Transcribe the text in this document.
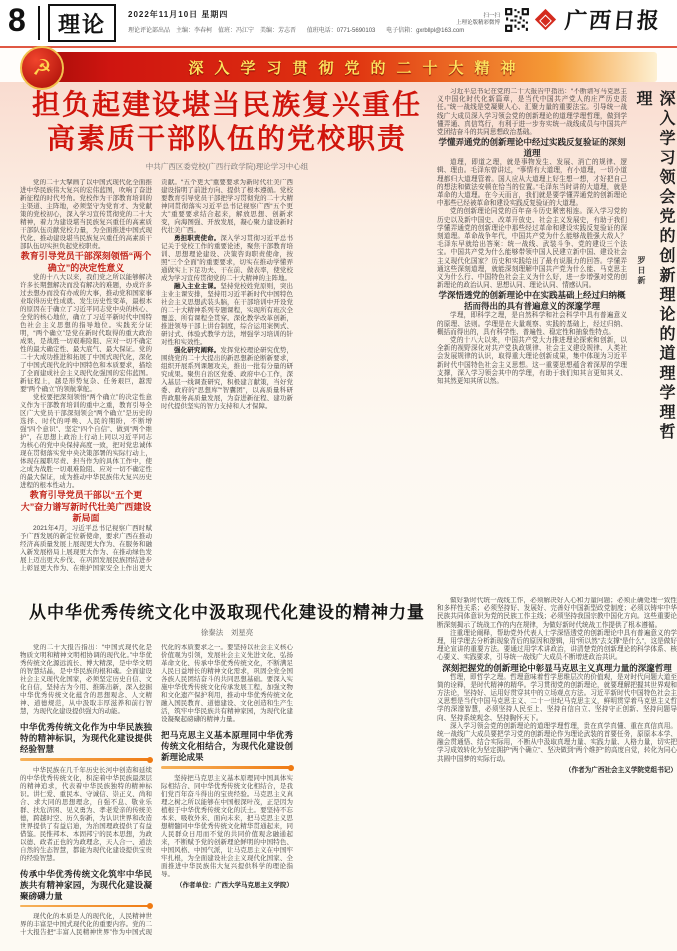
8	理论	2022年11月10日 星期四
理论评论部出品　主编：李春柯　值班：冯江宁　美编：芳志晋 值班电话：0771-5690103 电子信箱：gxrbllpl@163.com
扫一扫
上理论版精彩微博	广西日报
☭	深入学习贯彻党的二十大精神
担负起建设堪当民族复兴重任
高素质干部队伍的党校职责
中共广西区委党校(广西行政学院)理论学习中心组

党的二十大擘画了以中国式现代化全面推进中华民族伟大复兴的宏伟蓝图，吹响了奋进新征程的时代号角。党校作为干部教育培训的主渠道、主阵地，必须坚守为党育才、为党献策的党校初心，深入学习宣传贯彻党的二十大精神，着力为建设堪当民族复兴重任的高素质干部队伍贡献党校力量，为全面推进中国式现代化、推动建设堪当民族复兴重任的高素质干部队伍切实担负起党校职责。

教育引导党员干部深刻领悟“两个确立”的决定性意义

党的十八大以来，我们党之所以能够解决许多长期想解决而没有解决的难题，办成许多过去想办而没有办成的大事，推动党和国家事业取得历史性成就、发生历史性变革，最根本的原因在于确立了习近平同志党中央的核心、全党的核心地位，确立了习近平新时代中国特色社会主义思想的指导地位。实践充分证明，“两个确立”是党在新时代取得的重大政治成果，是战胜一切艰难险阻、应对一切不确定性的最大确定性、最大底气、最大保证。党的二十大成功推进和拓展了中国式现代化，深化了中国式现代化的中国特色和本质要求，描绘了全面建成社会主义现代化强国的宏伟蓝图。新征程上，越是形势复杂、任务艰巨，越需要“两个确立”的领航掌舵。

党校要把深刻领悟“两个确立”的决定性意义作为干部教育培训的重中之重，教育引导全区广大党员干部深刻领会“两个确立”是历史的选择、时代的呼唤、人民的期盼，不断增强“四个意识”、坚定“四个自信”、做到“两个维护”，在思想上政治上行动上同以习近平同志为核心的党中央保持高度一致，把对党忠诚体现在贯彻落实党中央决策部署的实际行动上，体现在履职尽责、担当作为的具体工作中，使之成为战胜一切艰难险阻、应对一切不确定性的最大保证，成为推动中华民族伟大复兴历史进程的根本性动力。

教育引导党员干部以“五个更大”奋力谱写新时代壮美广西建设新局面

2021年4月，习近平总书记视察广西时赋予广西发展的新定位新使命，要求广西在推动经济高质量发展上展现更大作为、在服务和融入新发展格局上展现更大作为、在推动绿色发展上迈出更大步伐、在巩固发展民族团结进步上彰显更大作为、在维护国家安全上作出更大贡献。“五个更大”重要要求为新时代壮美广西建设指明了前进方向、提供了根本遵循。党校要教育引导党员干部把学习贯彻党的二十大精神同贯彻落实习近平总书记视察广西“五个更大”重要要求结合起来，解放思想、创新求变，向海图强、开放发展，凝心聚力建设新时代壮美广西。

勇担职责使命。深入学习贯彻习近平总书记关于党校工作的重要论述，聚焦干部教育培训、思想理论建设、决策咨询职责使命，按照“三个全面”的重要要求，切实在推动学懂弄通做实上下足功夫、干在前、做表率，使党校成为学习宣传贯彻党的二十大精神的主阵地。

融入主业主课。坚持党校姓党原则，突出主业主课安排，坚持用习近平新时代中国特色社会主义思想武装头脑，在干部培训中开设党的二十大精神系列专题课程，实现所有班次全覆盖、所有课程全贯穿。深化教学改革创新，推进领导干部上讲台制度，综合运用案例式、研讨式、体验式教学方法，增强学习培训的针对性和实效性。

强化研究阐释。发挥党校理论研究优势，围绕党的二十大提出的新思想新论断新要求，组织开展系列课题攻关，推出一批有分量的研究成果。聚焦自治区党委、政府中心工作，深入基层一线调查研究，积极建言献策，当好党委、政府的“思想库”“智囊团”，以高质量科研咨政服务高质量发展，为奋进新征程、建功新时代提供坚实的智力支持和人才保障。	深入学习领会党的创新理论的道理学理哲理
罗日新

习近平总书记在党的二十大报告中指出：“不断谱写马克思主义中国化时代化新篇章，是当代中国共产党人的庄严历史责任。”统一战线是党凝聚人心、汇聚力量的重要法宝。引导统一战线广大成员深入学习领会党的创新理论的道理学理哲理，做到学懂弄通、真信笃行，有利于进一步夯实统一战线成员与中国共产党团结奋斗的共同思想政治基础。

学懂弄通党的创新理论中经过实践反复验证的深刻道理

道理，即道之理，就是事物发生、发展、消亡的规律、逻辑、理由。毛泽东曾讲过，“事情有大道理，有小道理，一切小道理都归大道理管着。国人应从大道理上好生想一想，才好把自己的想法和做法安顿在恰当的位置。”毛泽东当时讲的大道理，就是革命的大道理。在今天而言，我们就是要学懂弄通党的创新理论中那些已经被革命和建设实践反复验证的大道理。

党的创新理论同党的百年奋斗历史紧密相连。深入学习党的历史以及新中国史、改革开放史、社会主义发展史，有助于我们学懂弄通党的创新理论中那些经过革命和建设实践反复验证的深刻道理。革命战争年代，中国共产党为什么能够战胜强大敌人？毛泽东早就给出答案：统一战线、武装斗争、党的建设三个法宝。中国共产党为什么能够带领中国人民建立新中国、建设社会主义现代化国家？历史和实践给出了最有说服力的回答。学懂弄通这些深刻道理，就能深刻理解中国共产党为什么能、马克思主义为什么行、中国特色社会主义为什么好，进一步增强对党的创新理论的政治认同、思想认同、理论认同、情感认同。

学深悟透党的创新理论中在实践基础上经过归纳概括而得出的具有普遍意义的深邃学理

学理，即科学之理，是自然科学和社会科学中具有普遍意义的原理、法则。学理是在大量观察、实践的基础上，经过归纳、概括而得出的，具有科学性、普遍性、稳定性和抽象性特点。

党的十八大以来，中国共产党大力推进理论探索和创新，以全新的视野深化对共产党执政规律、社会主义建设规律、人类社会发展规律的认识，取得重大理论创新成果，集中体现为习近平新时代中国特色社会主义思想。这一重要思想蕴含着深厚的学理支撑，深入学习领会其中的学理，有助于我们知其言更知其义、知其然更知其所以然。

做好新时代统一战线工作，必须解决好人心和力量问题；必须正确处理一致性和多样性关系；必须坚持好、发展好、完善好中国新型政党制度；必须以铸牢中华民族共同体意识为党的民族工作主线；必须坚持我国宗教中国化方向。这些重要论断深刻揭示了统战工作的内在规律，为做好新时代统战工作提供了根本遵循。

注重理论阐释，帮助党外代表人士学深悟透党的创新理论中具有普遍意义的学理，用学理去分析新现象背后的原因和逻辑，用“所以然”去支撑“是什么”，这是做好理论宣讲的重要方法。要通过用学术讲政治，讲清楚党的创新理论的科学体系、核心要义、实践要求，引导统一战线广大成员不断增进政治共识。

深刻把握党的创新理论中彰显马克思主义真理力量的深邃哲理

哲理，即哲学之理。哲理意味着哲学思维层次的价值观，是对时代问题大道至简的诠释，是时代精神的精华。学习贯彻党的创新理论，就要理解把握其世界观和方法论，坚持好、运用好贯穿其中的立场观点方法。习近平新时代中国特色社会主义思想是当代中国马克思主义、二十一世纪马克思主义，鲜明贯穿着马克思主义哲学的深邃智慧，必须坚持人民至上、坚持自信自立、坚持守正创新、坚持问题导向、坚持系统观念、坚持胸怀天下。

深入学习领会党的创新理论的道理学理哲理，贵在真学真懂、重在真信真用。统一战线广大成员要把学习党的创新理论作为理论武装的首要任务，原原本本学、融会贯通悟、结合实际用，不断从中汲取真理力量、实践力量、人格力量，切实把学习成效转化为坚定拥护“两个确立”、坚决做到“两个维护”的高度自觉，转化为同心共圆中国梦的实际行动。

（作者为广西社会主义学院党组书记）

从中华优秀传统文化中汲取现代化建设的精神力量
徐秦法　刘星亮

党的二十大报告指出：“中国式现代化是物质文明和精神文明相协调的现代化。”中华优秀传统文化源远流长、博大精深，是中华文明的智慧结晶，是中华民族的根和魂。全面建设社会主义现代化国家，必须坚定历史自信、文化自信，坚持古为今用、推陈出新，深入挖掘中华优秀传统文化蕴含的思想观念、人文精神、道德规范，从中汲取丰厚滋养和前行智慧，为现代化建设提供强大的动能。

中华优秀传统文化作为中华民族独特的精神标识，为现代化建设提供经验智慧

中华民族在几千年历史长河中创造和延续的中华优秀传统文化，积淀着中华民族最深层的精神追求，代表着中华民族独特的精神标识。讲仁爱、重民本、守诚信、崇正义、尚和合、求大同的思想理念，自强不息、敬业乐群、扶危济困、见义勇为、孝老爱亲的传统美德，跨越时空、历久弥新，为认识世界和改造世界提供了有益启迪，为治国理政提供了有益借鉴。民惟邦本、本固邦宁的民本思想，为政以德、政者正也的为政理念，天人合一、道法自然的生态智慧，都能为现代化建设提供宝贵的经验智慧。

传承中华优秀传统文化筑牢中华民族共有精神家园，为现代化建设凝聚磅礴力量

现代化的本质是人的现代化，人民精神世界的丰富是中国式现代化的重要内容。党的二十大报告把“丰富人民精神世界”作为中国式现代化的本质要求之一。要坚持以社会主义核心价值观为引领，发展社会主义先进文化、弘扬革命文化、传承中华优秀传统文化，不断满足人民日益增长的精神文化需求，巩固全党全国各族人民团结奋斗的共同思想基础。要深入实施中华优秀传统文化传承发展工程，加强文物和文化遗产保护利用，推动中华优秀传统文化融入国民教育、道德建设、文化创造和生产生活，筑牢中华民族共有精神家园，为现代化建设凝聚起磅礴的精神力量。

把马克思主义基本原理同中华优秀传统文化相结合，为现代化建设创新理论成果

坚持把马克思主义基本原理同中国具体实际相结合、同中华优秀传统文化相结合，是我们党百年奋斗得出的宝贵经验。马克思主义真理之树之所以能够在中国根深叶茂，正是因为植根于中华优秀传统文化的沃土。要坚持不忘本来、吸收外来、面向未来，把马克思主义思想精髓同中华优秀传统文化精华贯通起来，同人民群众日用而不觉的共同价值观念融通起来，不断赋予党的创新理论鲜明的中国特色、中国风格、中国气派，让马克思主义在中国牢牢扎根，为全面建设社会主义现代化国家、全面推进中华民族伟大复兴提供科学的理论指导。

（作者单位：广西大学马克思主义学院）
